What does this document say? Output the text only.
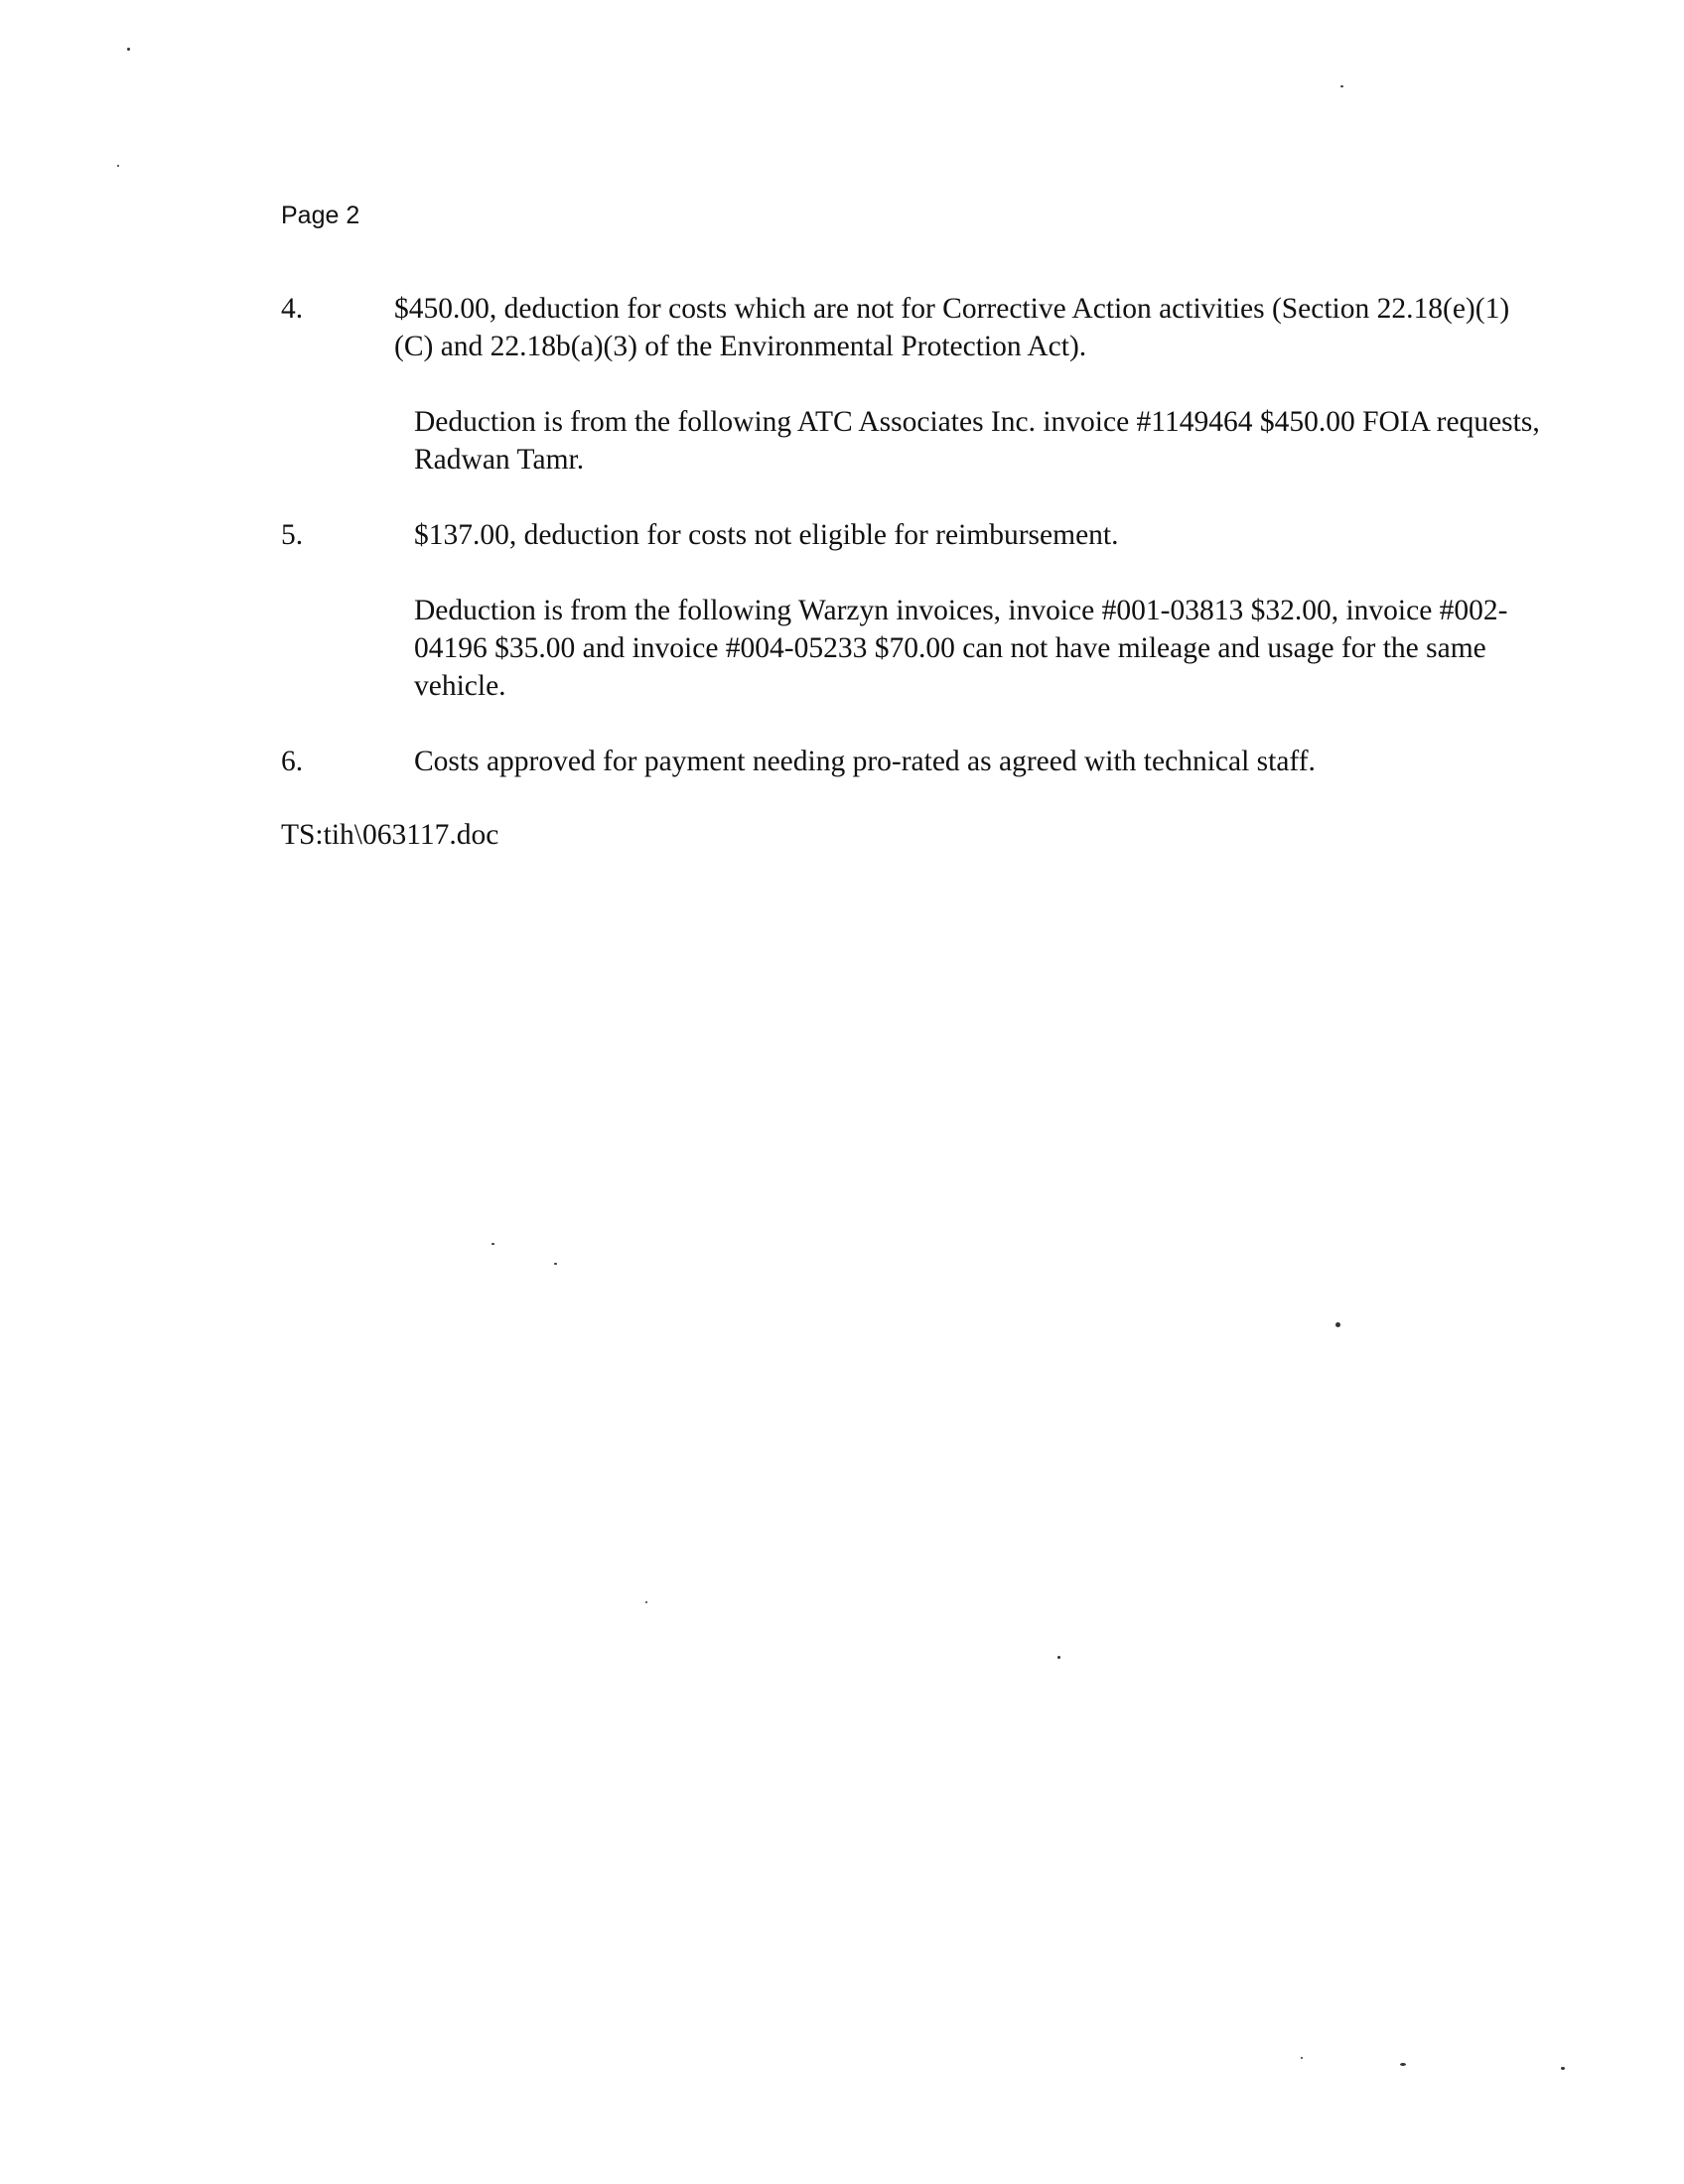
Page 2
4.	$450.00, deduction for costs which are not for Corrective Action activities (Section 22.18(e)(1)(C) and 22.18b(a)(3) of the Environmental Protection Act).
Deduction is from the following ATC Associates Inc. invoice #1149464 $450.00 FOIA requests, Radwan Tamr.
5.	$137.00, deduction for costs not eligible for reimbursement.
Deduction is from the following Warzyn invoices, invoice #001-03813 $32.00, invoice #002-04196 $35.00 and invoice #004-05233 $70.00 can not have mileage and usage for the same vehicle.
6.	Costs approved for payment needing pro-rated as agreed with technical staff.
TS:tih\063117.doc
